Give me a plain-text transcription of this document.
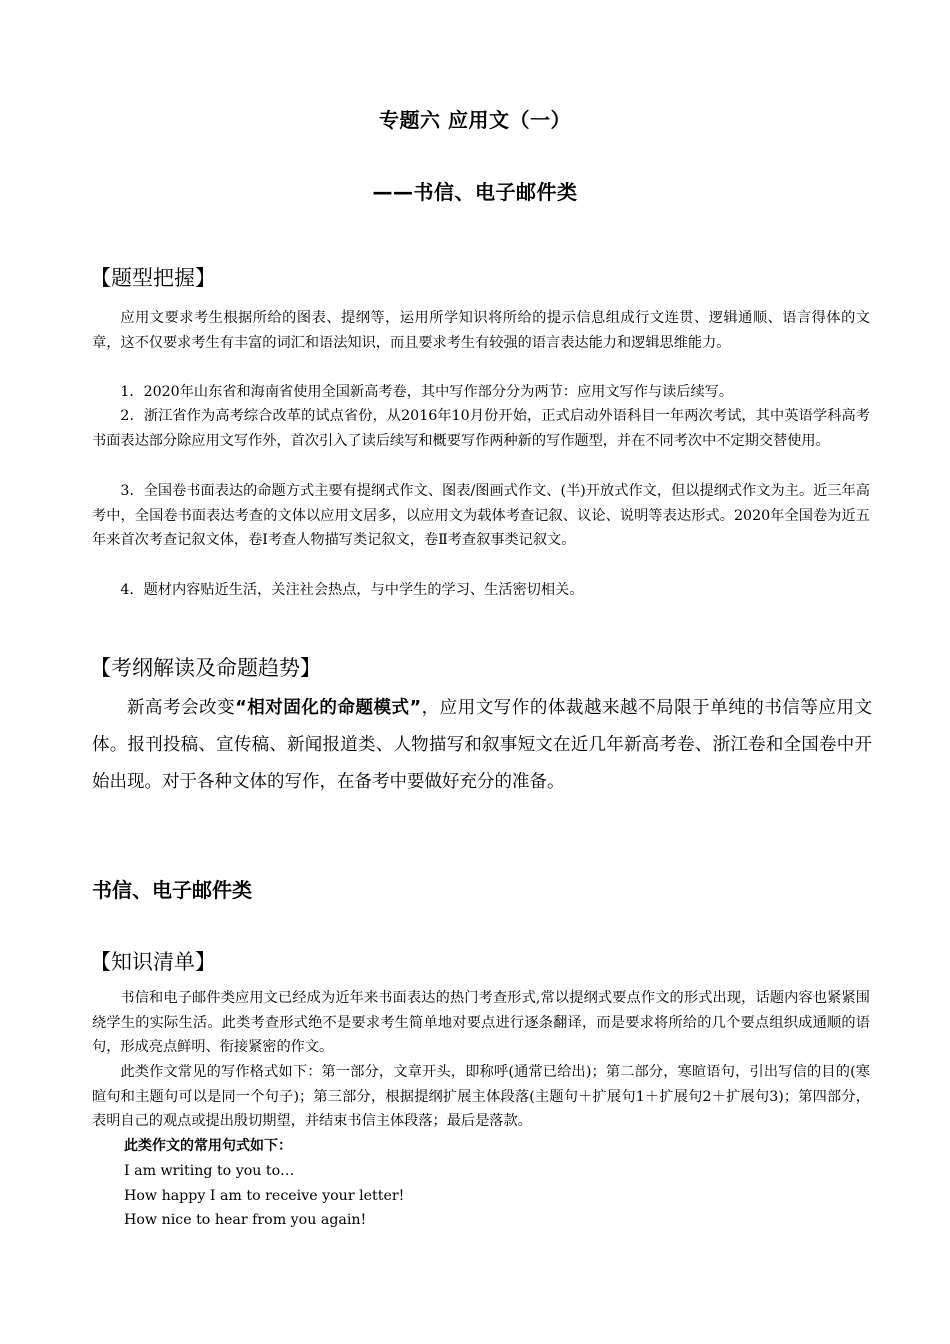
专题六 应用文（一）
——书信、电子邮件类
【题型把握】

应用文要求考生根据所给的图表、提纲等，运用所学知识将所给的提示信息组成行文连贯、逻辑通顺、语言得体的文章，这不仅要求考生有丰富的词汇和语法知识，而且要求考生有较强的语言表达能力和逻辑思维能力。

1．2020年山东省和海南省使用全国新高考卷，其中写作部分分为两节：应用文写作与读后续写。

2．浙江省作为高考综合改革的试点省份，从2016年10月份开始，正式启动外语科目一年两次考试，其中英语学科高考书面表达部分除应用文写作外，首次引入了读后续写和概要写作两种新的写作题型，并在不同考次中不定期交替使用。

3．全国卷书面表达的命题方式主要有提纲式作文、图表/图画式作文、(半)开放式作文，但以提纲式作文为主。近三年高考中，全国卷书面表达考查的文体以应用文居多，以应用文为载体考查记叙、议论、说明等表达形式。2020年全国卷为近五年来首次考查记叙文体，卷Ⅰ考查人物描写类记叙文，卷Ⅱ考查叙事类记叙文。

4．题材内容贴近生活，关注社会热点，与中学生的学习、生活密切相关。

【考纲解读及命题趋势】

新高考会改变“相对固化的命题模式”，应用文写作的体裁越来越不局限于单纯的书信等应用文体。报刊投稿、宣传稿、新闻报道类、人物描写和叙事短文在近几年新高考卷、浙江卷和全国卷中开始出现。对于各种文体的写作，在备考中要做好充分的准备。

书信、电子邮件类
【知识清单】

书信和电子邮件类应用文已经成为近年来书面表达的热门考查形式,常以提纲式要点作文的形式出现，话题内容也紧紧围绕学生的实际生活。此类考查形式绝不是要求考生简单地对要点进行逐条翻译，而是要求将所给的几个要点组织成通顺的语句，形成亮点鲜明、衔接紧密的作文。

此类作文常见的写作格式如下：第一部分，文章开头，即称呼(通常已给出)；第二部分，寒暄语句，引出写信的目的(寒暄句和主题句可以是同一个句子)；第三部分，根据提纲扩展主体段落(主题句＋扩展句1＋扩展句2＋扩展句3)；第四部分，表明自己的观点或提出殷切期望，并结束书信主体段落；最后是落款。

此类作文的常用句式如下：
I am writing to you to…
How happy I am to receive your letter!
How nice to hear from you again!
